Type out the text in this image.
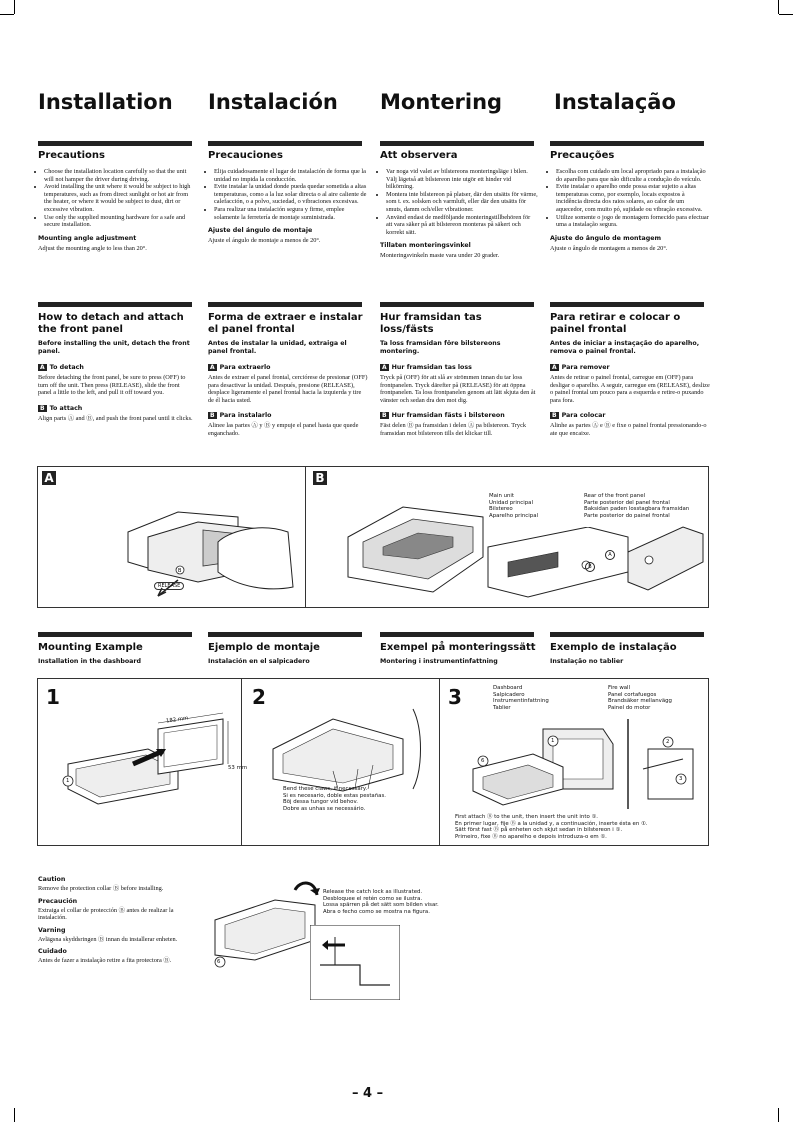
Installation Instalación Montering Instalação
Precautions
• Choose the installation location carefully so that the unit will not hamper the driver during driving.
• Avoid installing the unit where it would be subject to high temperatures, such as from direct sunlight or hot air from the heater, or where it would be subject to dust, dirt or excessive vibration.
• Use only the supplied mounting hardware for a safe and secure installation.
Mounting angle adjustment
Adjust the mounting angle to less than 20°.
Precauciones
• Elija cuidadosamente el lugar de instalación de forma que la unidad no impida la conducción.
• Evite instalar la unidad donde pueda quedar sometida a altas temperaturas, como a la luz solar directa o al aire caliente de calefacción, o a polvo, suciedad, o vibraciones excesivas.
• Para realizar una instalación segura y firme, emplee solamente la ferretería de montaje suministrada.
Ajuste del ángulo de montaje
Ajuste el ángulo de montaje a menos de 20°.
Att observera
• Var noga vid valet av bilstereons monteringsläge i bilen. Välj lägetså att bilstereon inte utgör ett hinder vid bilkörning.
• Montera inte bilstereon på platser, där den utsätts för värme, som t. ex. solsken och varmluft, eller där den utsätts för smuts, damm och/eller vibrationer.
• Använd endast de medföljande monteringstillbehören för att vara säker på att bilstereon monteras på säkert och korrekt sätt.
Tillaten monteringsvinkel
Monteringsvinkeln maste vara under 20 grader.
Precauções
• Escolha com cuidado um local apropriado para a instalação do aparelho para que não dificulte a condução do veículo.
• Evite instalar o aparelho onde possa estar sujeito a altas temperaturas como, por exemplo, locais expostos à incidência directa dos raios solares, ao calor de um aquecedor, com muito pó, sujidade ou vibração excessiva.
• Utilize somente o jogo de montagem fornecido para efectuar uma a instalação segura.
Ajuste do ângulo de montagem
Ajuste o ângulo de montagem a menos de 20°.
How to detach and attach the front panel
Before installing the unit, detach the front panel.
A To detach
Before detaching the front panel, be sure to press (OFF) to turn off the unit. Then press (RELEASE), slide the front panel a little to the left, and pull it off toward you.
B To attach
Align parts Ⓐ and Ⓑ, and push the front panel until it clicks.
Forma de extraer e instalar el panel frontal
Antes de instalar la unidad, extraiga el panel frontal.
A Para extraerlo
Antes de extraer el panel frontal, cerciórese de presionar (OFF) para desactivar la unidad. Después, presione (RELEASE), desplace ligeramente el panel frontal hacia la izquierda y tire de él hacia usted.
B Para instalarlo
Alinee las partes Ⓐ y Ⓑ y empuje el panel hasta que quede enganchado.
Hur framsidan tas loss/fästs
Ta loss framsidan före bilstereons montering.
A Hur framsidan tas loss
Tryck på (OFF) för att slå av strömmen innan du tar loss frontpanelen. Tryck därefter på (RELEASE) för att öppna frontpanelen. Ta loss frontpanelen genom att lätt skjuta den åt vänster och sedan dra den mot dig.
B Hur framsidan fästs i bilstereon
Fäst delen Ⓑ pa framsidan i delen Ⓐ pa bilstereon. Tryck framsidan mot bilstereon tills det klickar till.
Para retirar e colocar o painel frontal
Antes de iniciar a instaçação do aparelho, remova o painel frontal.
A Para remover
Antes de retirar o painel frontal, carregue em (OFF) para desligar o aparelho. A seguir, carregue em (RELEASE), deslize o painel frontal um pouco para a esquerda e retire-o puxando para fora.
B Para colocar
Alinhe as partes Ⓐ e Ⓑ e fixe o painel frontal pressionando-o ate que encaixe.
A	B
B
RELEASE
B
A
Main unit
Unidad principal
Bilstereo
Aparelho principal
Rear of the front panel
Parte posterior del panel frontal
Baksidan paden losstagbara framsidan
Parte posterior do painel frontal
Mounting Example
Installation in the dashboard
Ejemplo de montaje
Instalación en el salpicadero
Exempel på monteringssätt
Montering i instrumentinfattning
Exemplo de instalação
Instalação no tablier
1
182 mm
53 mm
1
2
Bend these claws, if necessary.
Si es necesario, doble estas pestañas.
Böj dessa tungor vid behov.
Dobre as unhas se necessário.
3	Dashboard
Salpicadero
Instrumentinfattning
Tablier
Fire wall
Panel cortafuegos
Brandsäker mellanvägg
Painel do motor
1
6
2
3
First attach Ⓑ to the unit, then insert the unit into ①.
En primer lugar, fije Ⓑ a la unidad y, a continuación, inserte ésta en ①.
Sätt först fast Ⓑ på enheten och skjut sedan in bilstereon i ①.
Primeiro, fixe Ⓑ no aparelho e depois introduza-o em ①.
Caution
Remove the protection collar Ⓑ before installing.
Precaución
Extraiga el collar de protección Ⓑ antes de realizar la instalación.
Varning
Avlägsna skyddsringen Ⓑ innan du installerar enheten.
Cuidado
Antes de fazer a instalação retire a fita protectora Ⓑ.	6
Release the catch lock as illustrated.
Desbloquee el retén como se ilustra.
Lossa spärren på det sätt som bilden visar.
Abra o fecho como se mostra na figura.
– 4 –
